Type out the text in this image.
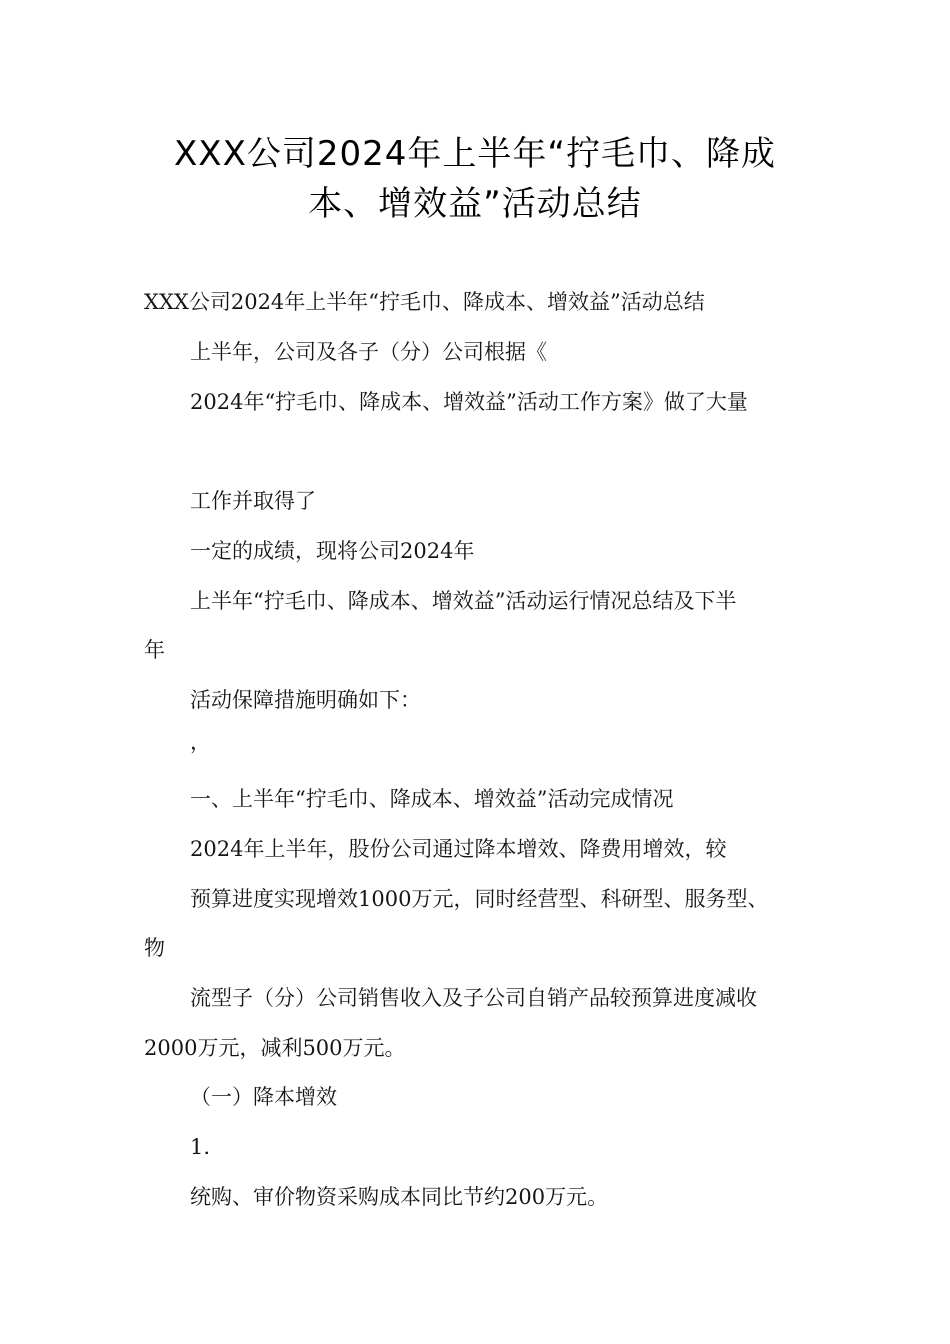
XXX公司2024年上半年“拧毛巾、降成
本、增效益”活动总结
XXX公司2024年上半年“拧毛巾、降成本、增效益”活动总结
上半年，公司及各子（分）公司根据《
2024年“拧毛巾、降成本、增效益”活动工作方案》做了大量
工作并取得了
一定的成绩，现将公司2024年
上半年“拧毛巾、降成本、增效益”活动运行情况总结及下半
年
活动保障措施明确如下：
，
一、上半年“拧毛巾、降成本、增效益”活动完成情况
2024年上半年，股份公司通过降本增效、降费用增效，较
预算进度实现增效1000万元，同时经营型、科研型、服务型、
物
流型子（分）公司销售收入及子公司自销产品较预算进度减收
2000万元，减利500万元。
（一）降本增效
1.
统购、审价物资采购成本同比节约200万元。
